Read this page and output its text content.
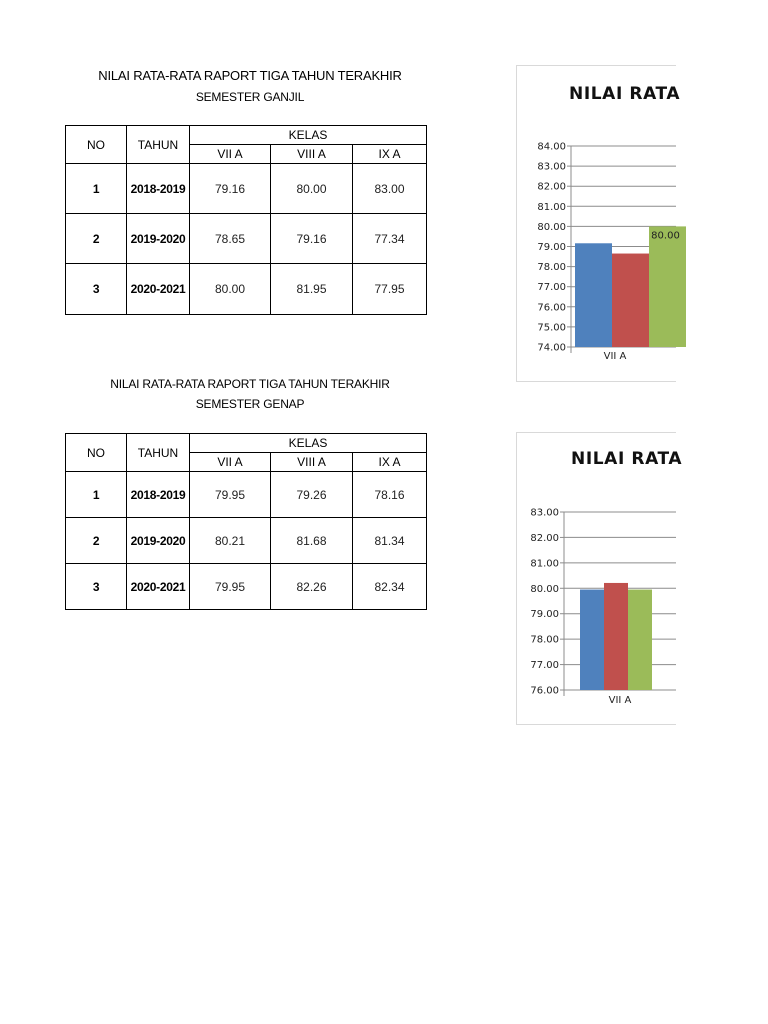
NILAI RATA-RATA RAPORT TIGA TAHUN TERAKHIR
SEMESTER GANJIL
NO	TAHUN	KELAS		
		VII A	VIII A	IX A
1	2018-2019	79.16	80.00	83.00
2	2019-2020	78.65	79.16	77.34
3	2020-2021	80.00	81.95	77.95
NILAI RATA-RATA RAPORT TIGA TAHUN TERAKHIR
SEMESTER GENAP
NO	TAHUN	KELAS		
		VII A	VIII A	IX A
1	2018-2019	79.95	79.26	78.16
2	2019-2020	80.21	81.68	81.34
3	2020-2021	79.95	82.26	82.34
NILAI RATA
74.00
75.00
76.00
77.00
78.00
79.00
80.00
81.00
82.00
83.00
84.00
80.00
VII A
NILAI RATA
76.00
77.00
78.00
79.00
80.00
81.00
82.00
83.00
VII A
